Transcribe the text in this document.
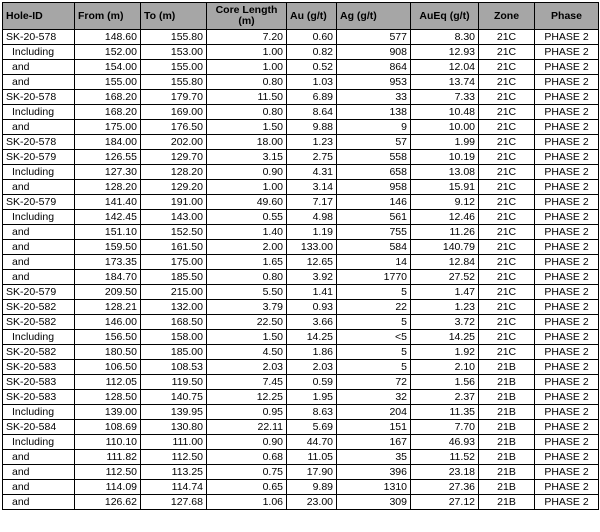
Hole-ID	From (m)	To (m)	Core Length (m)	Au (g/t)	Ag (g/t)	AuEq (g/t)	Zone	Phase
SK-20-578	148.60	155.80	7.20	0.60	577	8.30	21C	PHASE 2
Including	152.00	153.00	1.00	0.82	908	12.93	21C	PHASE 2
and	154.00	155.00	1.00	0.52	864	12.04	21C	PHASE 2
and	155.00	155.80	0.80	1.03	953	13.74	21C	PHASE 2
SK-20-578	168.20	179.70	11.50	6.89	33	7.33	21C	PHASE 2
Including	168.20	169.00	0.80	8.64	138	10.48	21C	PHASE 2
and	175.00	176.50	1.50	9.88	9	10.00	21C	PHASE 2
SK-20-578	184.00	202.00	18.00	1.23	57	1.99	21C	PHASE 2
SK-20-579	126.55	129.70	3.15	2.75	558	10.19	21C	PHASE 2
Including	127.30	128.20	0.90	4.31	658	13.08	21C	PHASE 2
and	128.20	129.20	1.00	3.14	958	15.91	21C	PHASE 2
SK-20-579	141.40	191.00	49.60	7.17	146	9.12	21C	PHASE 2
Including	142.45	143.00	0.55	4.98	561	12.46	21C	PHASE 2
and	151.10	152.50	1.40	1.19	755	11.26	21C	PHASE 2
and	159.50	161.50	2.00	133.00	584	140.79	21C	PHASE 2
and	173.35	175.00	1.65	12.65	14	12.84	21C	PHASE 2
and	184.70	185.50	0.80	3.92	1770	27.52	21C	PHASE 2
SK-20-579	209.50	215.00	5.50	1.41	5	1.47	21C	PHASE 2
SK-20-582	128.21	132.00	3.79	0.93	22	1.23	21C	PHASE 2
SK-20-582	146.00	168.50	22.50	3.66	5	3.72	21C	PHASE 2
Including	156.50	158.00	1.50	14.25	<5	14.25	21C	PHASE 2
SK-20-582	180.50	185.00	4.50	1.86	5	1.92	21C	PHASE 2
SK-20-583	106.50	108.53	2.03	2.03	5	2.10	21B	PHASE 2
SK-20-583	112.05	119.50	7.45	0.59	72	1.56	21B	PHASE 2
SK-20-583	128.50	140.75	12.25	1.95	32	2.37	21B	PHASE 2
Including	139.00	139.95	0.95	8.63	204	11.35	21B	PHASE 2
SK-20-584	108.69	130.80	22.11	5.69	151	7.70	21B	PHASE 2
Including	110.10	111.00	0.90	44.70	167	46.93	21B	PHASE 2
and	111.82	112.50	0.68	11.05	35	11.52	21B	PHASE 2
and	112.50	113.25	0.75	17.90	396	23.18	21B	PHASE 2
and	114.09	114.74	0.65	9.89	1310	27.36	21B	PHASE 2
and	126.62	127.68	1.06	23.00	309	27.12	21B	PHASE 2
